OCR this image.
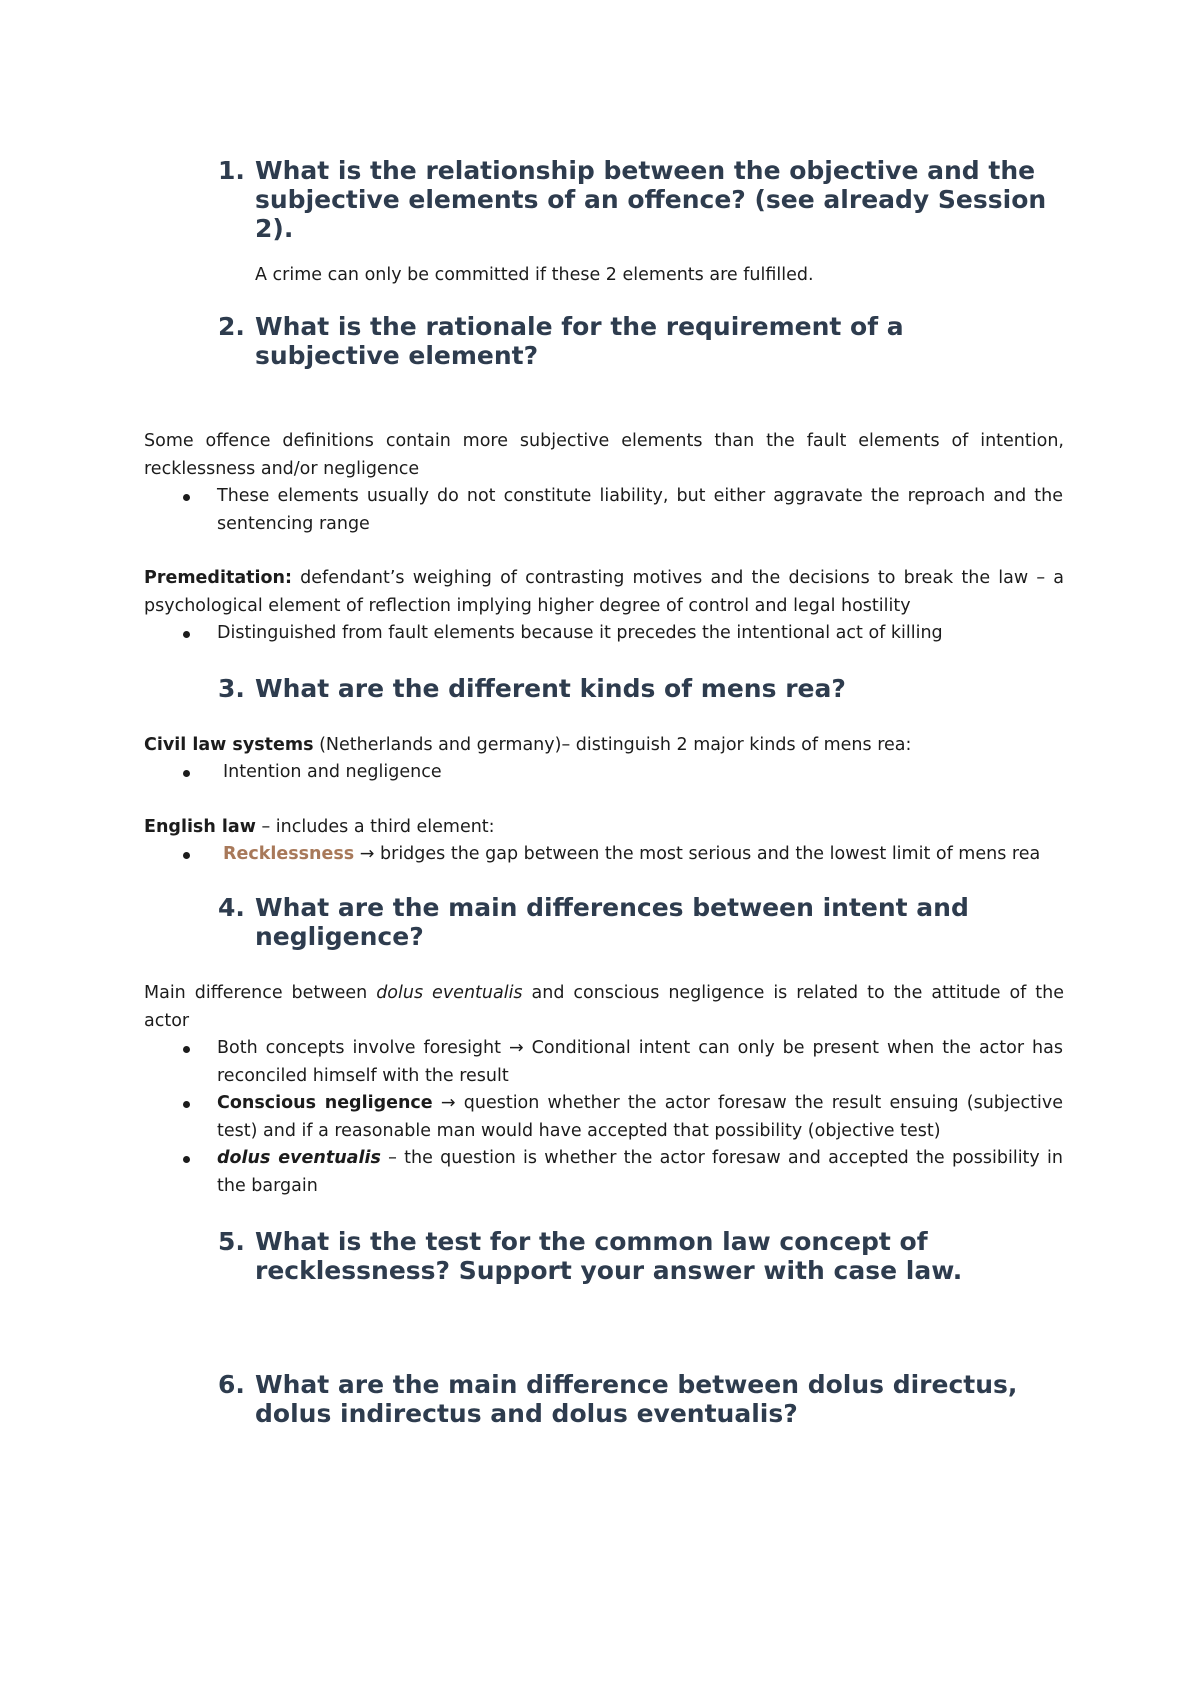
1. What is the relationship between the objective and the subjective elements of an offence? (see already Session 2).
A crime can only be committed if these 2 elements are fulfilled.
2. What is the rationale for the requirement of a subjective element?
Some offence definitions contain more subjective elements than the fault elements of intention, recklessness and/or negligence
These elements usually do not constitute liability, but either aggravate the reproach and the sentencing range
Premeditation: defendant’s weighing of contrasting motives and the decisions to break the law – a psychological element of reflection implying higher degree of control and legal hostility
Distinguished from fault elements because it precedes the intentional act of killing
3. What are the different kinds of mens rea?
Civil law systems (Netherlands and germany)– distinguish 2 major kinds of mens rea:
Intention and negligence
English law – includes a third element:
Recklessness → bridges the gap between the most serious and the lowest limit of mens rea
4. What are the main differences between intent and negligence?
Main difference between dolus eventualis and conscious negligence is related to the attitude of the actor
Both concepts involve foresight → Conditional intent can only be present when the actor has reconciled himself with the result
Conscious negligence → question whether the actor foresaw the result ensuing (subjective test) and if a reasonable man would have accepted that possibility (objective test)
dolus eventualis – the question is whether the actor foresaw and accepted the possibility in the bargain
5. What is the test for the common law concept of recklessness? Support your answer with case law.
6. What are the main difference between dolus directus, dolus indirectus and dolus eventualis?
